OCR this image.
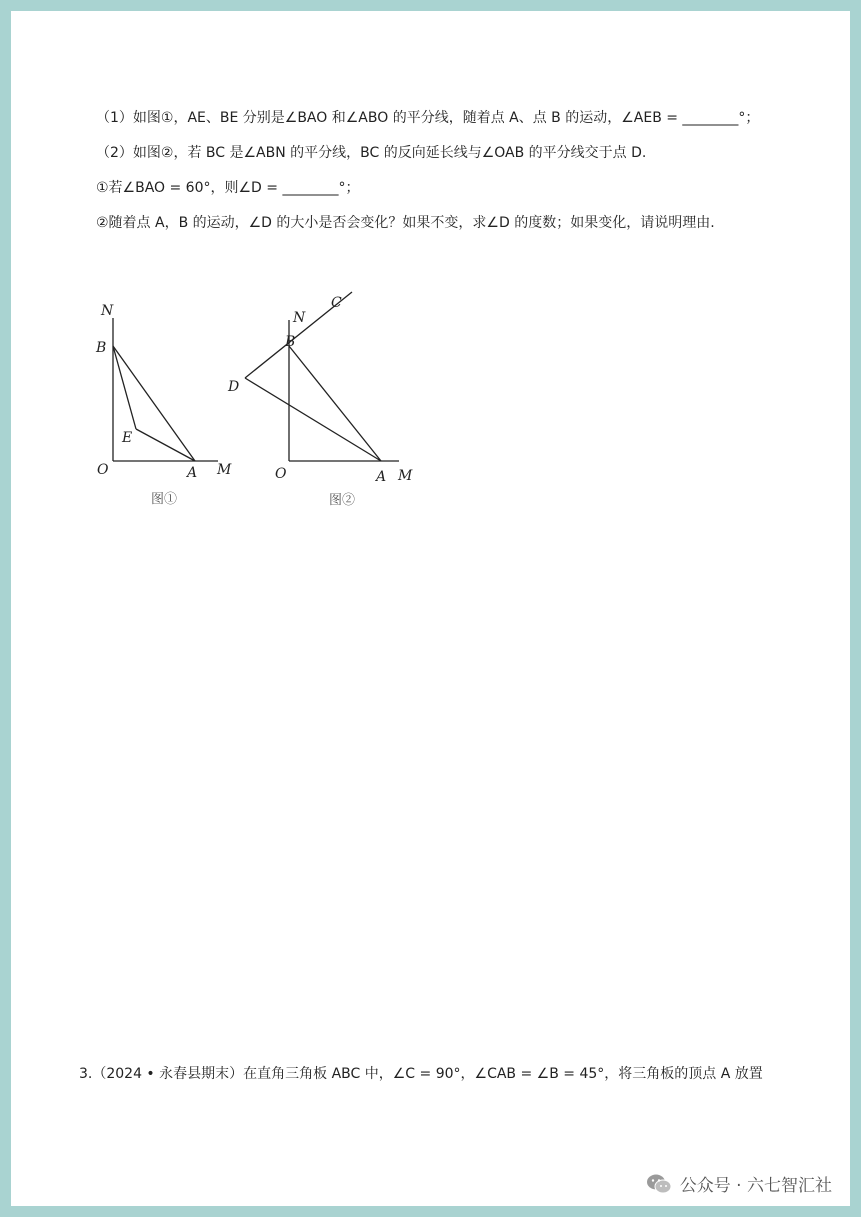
（1）如图①，AE、BE 分别是∠BAO 和∠ABO 的平分线，随着点 A、点 B 的运动，∠AEB = ________°；
（2）如图②，若 BC 是∠ABN 的平分线，BC 的反向延长线与∠OAB 的平分线交于点 D.
①若∠BAO = 60°，则∠D = ________°；
②随着点 A，B 的运动，∠D 的大小是否会变化？如果不变，求∠D 的度数；如果变化，请说明理由.
N
B
E
O	A M
图①
C
N
B
D
O	A M
图②
3.（2024 • 永春县期末）在直角三角板 ABC 中，∠C = 90°，∠CAB = ∠B = 45°，将三角板的顶点 A 放置
公众号 · 六七智汇社
